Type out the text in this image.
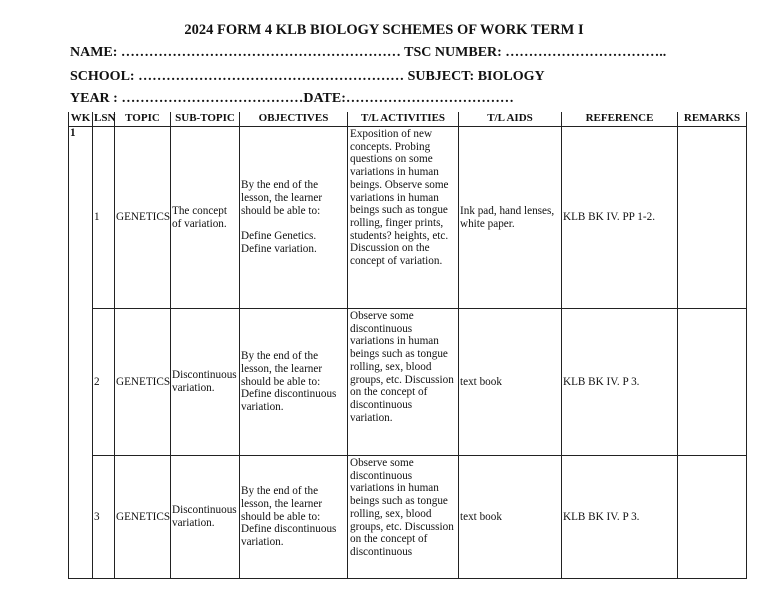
2024 FORM 4 KLB BIOLOGY SCHEMES OF WORK TERM I
NAME: …………………………………………………… TSC NUMBER: ……………………………..
SCHOOL: ………………………………………………… SUBJECT: BIOLOGY
YEAR : …………………………………DATE:………………………………
WK	LSN	TOPIC	SUB-TOPIC	OBJECTIVES	T/L ACTIVITIES	T/L AIDS	REFERENCE	REMARKS
1	1	GENETICS	The concept of variation.	By the end of the lesson, the learner should be able to:
Define Genetics. Define variation.	Exposition of new concepts. Probing questions on some variations in human beings. Observe some variations in human beings such as tongue rolling, finger prints, students? heights, etc. Discussion on the concept of variation.	Ink pad, hand lenses, white paper.	KLB BK IV. PP 1-2.	
	2	GENETICS	Discontinuous variation.	By the end of the lesson, the learner should be able to:
Define discontinuous variation.	Observe some discontinuous variations in human beings such as tongue rolling, sex, blood groups, etc. Discussion on the concept of discontinuous variation.	text book	KLB BK IV. P 3.	
	3	GENETICS	Discontinuous variation.	By the end of the lesson, the learner should be able to:
Define discontinuous variation.	Observe some discontinuous variations in human beings such as tongue rolling, sex, blood groups, etc. Discussion on the concept of discontinuous	text book	KLB BK IV. P 3.	
